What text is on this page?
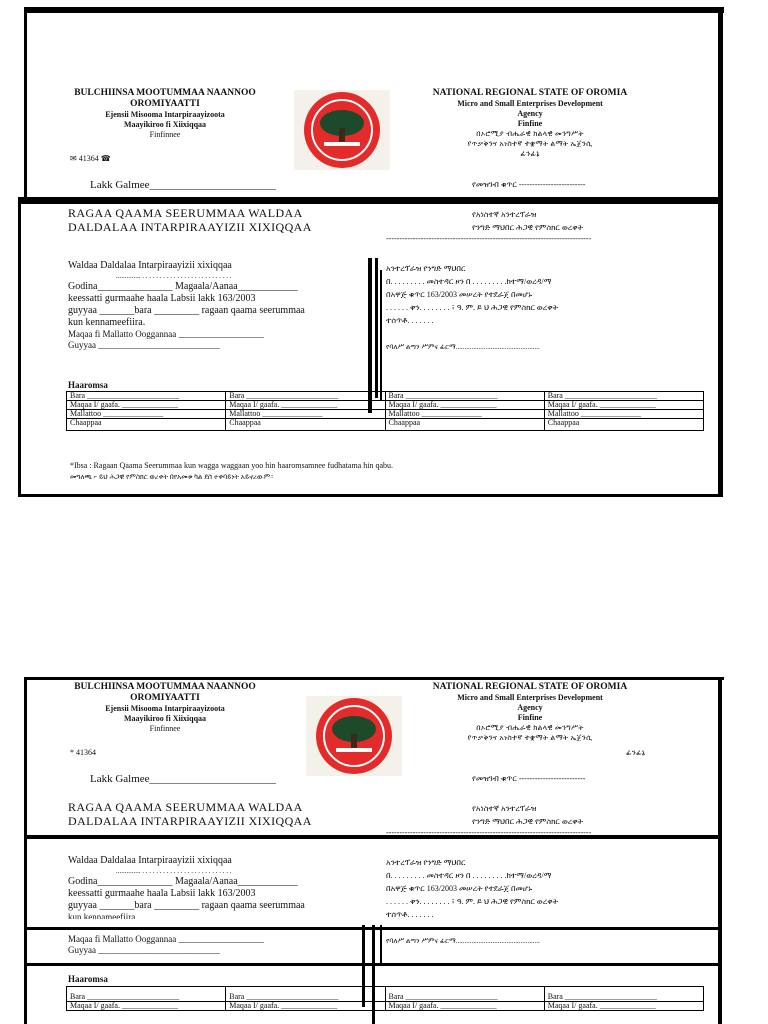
BULCHIINSA MOOTUMMAA NAANNOO
OROMIYAATTI
Ejensii Misooma Intarpiraayizoota
Maayikiroo fi Xiixiqqaa
Finfinnee
✉ 41364 ☎
NATIONAL REGIONAL STATE OF OROMIA
Micro and Small Enterprises Development
Agency
Finfine
በኦሮሚያ ብሔራዊ ክልላዊ መንግሥት
የጥቃቅንና አነስተኛ ተቋማት ልማት ኤጀንሲ
ፊንፊኔ
Lakk Galmee_______________________	የመዝገብ ቁጥር -------------------------
RAGAA QAAMA SEERUMMAA WALDAA
DALDALAA INTARPIRAAYIZII XIXIQQAA
የአነስተኛ አንተረፕራዝ
የንግድ ማህበር ሕጋዊ የምስክር ወረቀት
-----------------------------------------------------------------------------
Waldaa Daldalaa Intarpiraayizii xixiqqaa
.............. . . . . . . . . . . . . . . . . . . . . . . . . . .
Godina_______________ Magaala/Aanaa____________
keessatti gurmaahe haala Labsii lakk 163/2003
guyyaa _______bara _________ ragaan qaama seerummaa
kun kennameefiira.
Maqaa fi Mallatto Ooggannaa ___________________
Guyyaa ___________________________
አንተረፕራዝ የንግድ ማህበር
በ. . . . . . . . . መስተዳር ዞን በ . . . . . . . . .ከተማ/ወረዳ/ማ
በአዋጅ ቁጥር 163/2003 መሠረት የተደራጀ በመሆኑ
. . . . . . ቀን. . . . . . . . ፣ ዓ. ም. ይ ህ ሕጋዊ የምስክር ወረቀት
ተሰጥቶ. . . . . . .
የባለሥ ልጣን ሥምና ፊርማ................................................
Haaromsa
Bara _______________________	Bara _______________________	Bara _______________________	Bara _______________________
Maqaa I/ gaafa. ______________	Maqaa I/ gaafa. ______________	Maqaa I/ gaafa. ______________	Maqaa I/ gaafa. ______________
Mallattoo _______________	Mallattoo _______________	Mallattoo _______________	Mallattoo _______________
Chaappaa	Chaappaa	Chaappaa	Chaappaa
*Ibsa : Ragaan Qaama Seerummaa kun wagga waggaan yoo hin haaromsamnee fudhatama hin qabu.
መግለጫ ፦ ይህ ሕጋዊ የምስክር ወረቀት በየአመቱ ካል ደሰ ተቀባይነት አይኖረውም።
BULCHIINSA MOOTUMMAA NAANNOO
OROMIYAATTI
Ejensii Misooma Intarpiraayizoota
Maayikiroo fi Xiixiqqaa
Finfinnee
* 41364
NATIONAL REGIONAL STATE OF OROMIA
Micro and Small Enterprises Development
Agency
Finfine
በኦሮሚያ ብሔራዊ ክልላዊ መንግሥት
የጥቃቅንና አነስተኛ ተቋማት ልማት ኤጀንሲ
ፊንፊኔ
Lakk Galmee_______________________	የመዝገብ ቁጥር -------------------------
RAGAA QAAMA SEERUMMAA WALDAA
DALDALAA INTARPIRAAYIZII XIXIQQAA
የአነስተኛ አንተረፕራዝ
የንግድ ማህበር ሕጋዊ የምስክር ወረቀት
-----------------------------------------------------------------------------
Waldaa Daldalaa Intarpiraayizii xixiqqaa
.............. . . . . . . . . . . . . . . . . . . . . . . . . . .
Godina_______________ Magaala/Aanaa____________
keessatti gurmaahe haala Labsii lakk 163/2003
guyyaa _______bara _________ ragaan qaama seerummaa
kun kennameefiira.
Maqaa fi Mallatto Ooggannaa ___________________
Guyyaa ___________________________
አንተረፕራዝ የንግድ ማህበር
በ. . . . . . . . . መስተዳር ዞን በ . . . . . . . . .ከተማ/ወረዳ/ማ
በአዋጅ ቁጥር 163/2003 መሠረት የተደራጀ በመሆኑ
. . . . . . ቀን. . . . . . . . ፣ ዓ. ም. ይ ህ ሕጋዊ የምስክር ወረቀት
ተሰጥቶ. . . . . . .
የባለሥ ልጣን ሥምና ፊርማ................................................
Haaromsa
Bara _______________________	Bara _______________________	Bara _______________________	Bara _______________________
Maqaa I/ gaafa. ______________	Maqaa I/ gaafa. ______________	Maqaa I/ gaafa. ______________	Maqaa I/ gaafa. ______________
